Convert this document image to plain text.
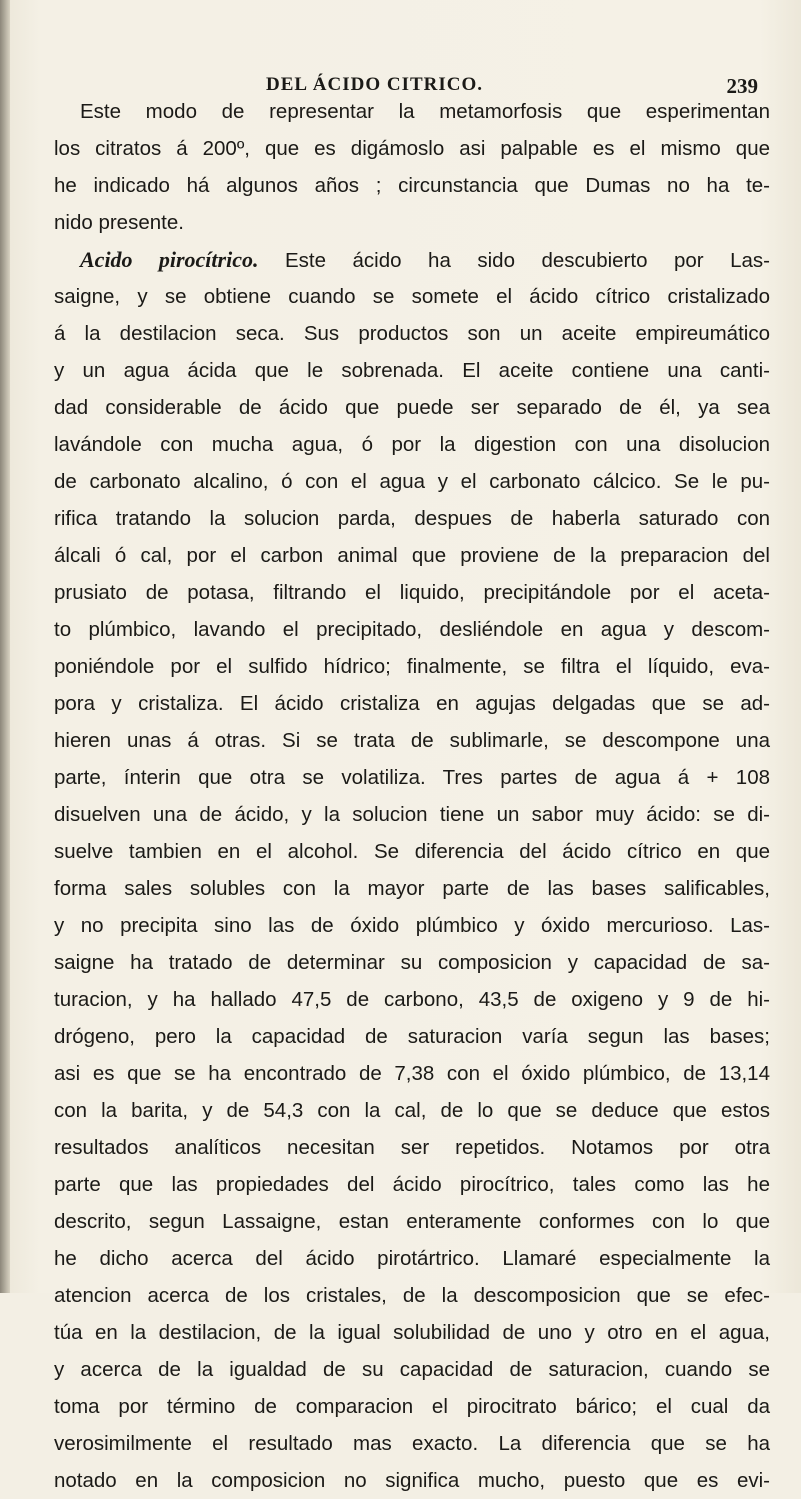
DEL ÁCIDO CITRICO.	239
Este modo de representar la metamorfosis que esperimentan
los citratos á 200º, que es digámoslo asi palpable es el mismo que
he indicado há algunos años ; circunstancia que Dumas no ha te-
nido presente.
Acido pirocítrico. Este ácido ha sido descubierto por Las-
saigne, y se obtiene cuando se somete el ácido cítrico cristalizado
á la destilacion seca. Sus productos son un aceite empireumático
y un agua ácida que le sobrenada. El aceite contiene una canti-
dad considerable de ácido que puede ser separado de él, ya sea
lavándole con mucha agua, ó por la digestion con una disolucion
de carbonato alcalino, ó con el agua y el carbonato cálcico. Se le pu-
rifica tratando la solucion parda, despues de haberla saturado con
álcali ó cal, por el carbon animal que proviene de la preparacion del
prusiato de potasa, filtrando el liquido, precipitándole por el aceta-
to plúmbico, lavando el precipitado, desliéndole en agua y descom-
poniéndole por el sulfido hídrico; finalmente, se filtra el líquido, eva-
pora y cristaliza. El ácido cristaliza en agujas delgadas que se ad-
hieren unas á otras. Si se trata de sublimarle, se descompone una
parte, ínterin que otra se volatiliza. Tres partes de agua á + 108
disuelven una de ácido, y la solucion tiene un sabor muy ácido: se di-
suelve tambien en el alcohol. Se diferencia del ácido cítrico en que
forma sales solubles con la mayor parte de las bases salificables,
y no precipita sino las de óxido plúmbico y óxido mercurioso. Las-
saigne ha tratado de determinar su composicion y capacidad de sa-
turacion, y ha hallado 47,5 de carbono, 43,5 de oxigeno y 9 de hi-
drógeno, pero la capacidad de saturacion varía segun las bases;
asi es que se ha encontrado de 7,38 con el óxido plúmbico, de 13,14
con la barita, y de 54,3 con la cal, de lo que se deduce que estos
resultados analíticos necesitan ser repetidos. Notamos por otra
parte que las propiedades del ácido pirocítrico, tales como las he
descrito, segun Lassaigne, estan enteramente conformes con lo que
he dicho acerca del ácido pirotártrico. Llamaré especialmente la
atencion acerca de los cristales, de la descomposicion que se efec-
túa en la destilacion, de la igual solubilidad de uno y otro en el agua,
y acerca de la igualdad de su capacidad de saturacion, cuando se
toma por término de comparacion el pirocitrato bárico; el cual da
verosimilmente el resultado mas exacto. La diferencia que se ha
notado en la composicion no significa mucho, puesto que es evi-
